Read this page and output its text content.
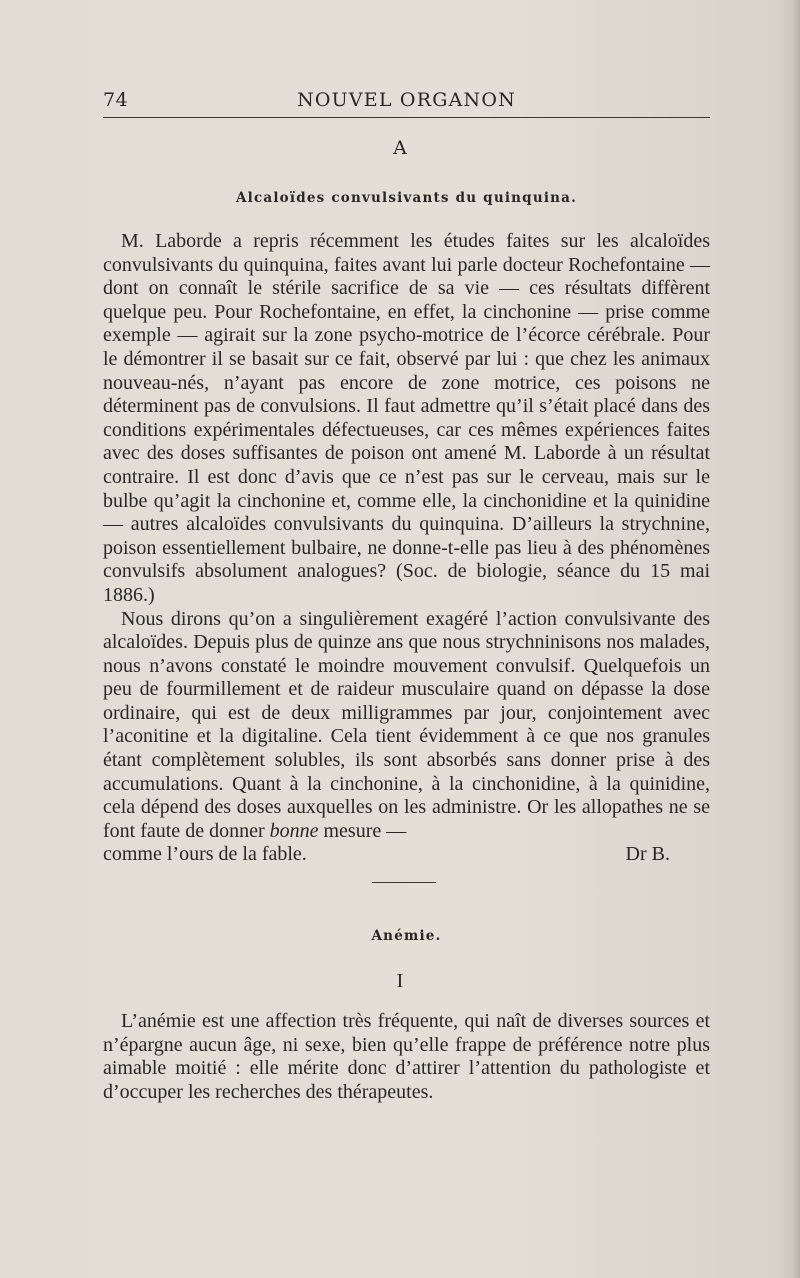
74	NOUVEL ORGANON
A
Alcaloïdes convulsivants du quinquina.

M. Laborde a repris récemment les études faites sur les alcaloïdes convulsivants du quinquina, faites avant lui parle docteur Rochefontaine — dont on connaît le stérile sacrifice de sa vie — ces résultats diffèrent quelque peu. Pour Rochefontaine, en effet, la cinchonine — prise comme exemple — agirait sur la zone psycho-motrice de l’écorce cérébrale. Pour le démontrer il se basait sur ce fait, observé par lui : que chez les animaux nouveau-nés, n’ayant pas encore de zone motrice, ces poisons ne déterminent pas de convulsions. Il faut admettre qu’il s’était placé dans des conditions expérimentales défectueuses, car ces mêmes expériences faites avec des doses suffisantes de poison ont amené M. Laborde à un résultat contraire. Il est donc d’avis que ce n’est pas sur le cerveau, mais sur le bulbe qu’agit la cinchonine et, comme elle, la cinchonidine et la quinidine — autres alcaloïdes convulsivants du quinquina. D’ailleurs la strychnine, poison essentiellement bulbaire, ne donne-t-elle pas lieu à des phénomènes convulsifs absolument analogues? (Soc. de biologie, séance du 15 mai 1886.)

Nous dirons qu’on a singulièrement exagéré l’action convulsivante des alcaloïdes. Depuis plus de quinze ans que nous strychninisons nos malades, nous n’avons constaté le moindre mouvement convulsif. Quelquefois un peu de fourmillement et de raideur musculaire quand on dépasse la dose ordinaire, qui est de deux milligrammes par jour, conjointement avec l’aconitine et la digitaline. Cela tient évidemment à ce que nos granules étant complètement solubles, ils sont absorbés sans donner prise à des accumulations. Quant à la cinchonine, à la cinchonidine, à la quinidine, cela dépend des doses auxquelles on les administre. Or les allopathes ne se font faute de donner bonne mesure —

comme l’ours de la fable.	Dr B.
Anémie.
I

L’anémie est une affection très fréquente, qui naît de diverses sources et n’épargne aucun âge, ni sexe, bien qu’elle frappe de préférence notre plus aimable moitié : elle mérite donc d’attirer l’attention du pathologiste et d’occuper les recherches des thérapeutes.
